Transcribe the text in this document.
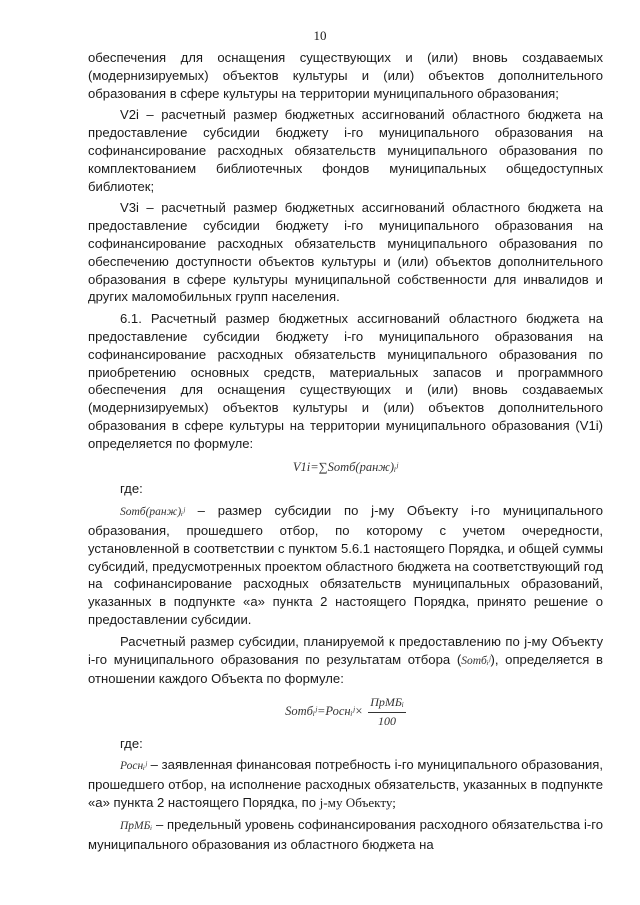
10

обеспечения для оснащения существующих и (или) вновь создаваемых (модернизируемых) объектов культуры и (или) объектов дополнительного образования в сфере культуры на территории муниципального образования;

V2i – расчетный размер бюджетных ассигнований областного бюджета на предоставление субсидии бюджету i-го муниципального образования на софинансирование расходных обязательств муниципального образования по комплектованием библиотечных фондов муниципальных общедоступных библиотек;

V3i – расчетный размер бюджетных ассигнований областного бюджета на предоставление субсидии бюджету i-го муниципального образования на софинансирование расходных обязательств муниципального образования по обеспечению доступности объектов культуры и (или) объектов дополнительного образования в сфере культуры муниципальной собственности для инвалидов и других маломобильных групп населения.

6.1. Расчетный размер бюджетных ассигнований областного бюджета на предоставление субсидии бюджету i-го муниципального образования на софинансирование расходных обязательств муниципального образования по приобретению основных средств, материальных запасов и программного обеспечения для оснащения существующих и (или) вновь создаваемых (модернизируемых) объектов культуры и (или) объектов дополнительного образования в сфере культуры на территории муниципального образования (V1i) определяется по формуле:

V1i=∑Sотб(ранж)ᵢʲ

где:

Sотб(ранж)ᵢʲ – размер субсидии по j-му Объекту i-го муниципального образования, прошедшего отбор, по которому с учетом очередности, установленной в соответствии с пунктом 5.6.1 настоящего Порядка, и общей суммы субсидий, предусмотренных проектом областного бюджета на соответствующий год на софинансирование расходных обязательств муниципальных образований, указанных в подпункте «а» пункта 2 настоящего Порядка, принято решение о предоставлении субсидии.

Расчетный размер субсидии, планируемой к предоставлению по j-му Объекту i-го муниципального образования по результатам отбора (Sотбᵢʲ), определяется в отношении каждого Объекта по формуле:

Sотбᵢʲ=Роснᵢʲ× $\frac{\text{ПрМБᵢ}}{100}$

где:

Роснᵢʲ – заявленная финансовая потребность i-го муниципального образования, прошедшего отбор, на исполнение расходных обязательств, указанных в подпункте «а» пункта 2 настоящего Порядка, по j-му Объекту;

ПрМБᵢ – предельный уровень софинансирования расходного обязательства i-го муниципального образования из областного бюджета на
